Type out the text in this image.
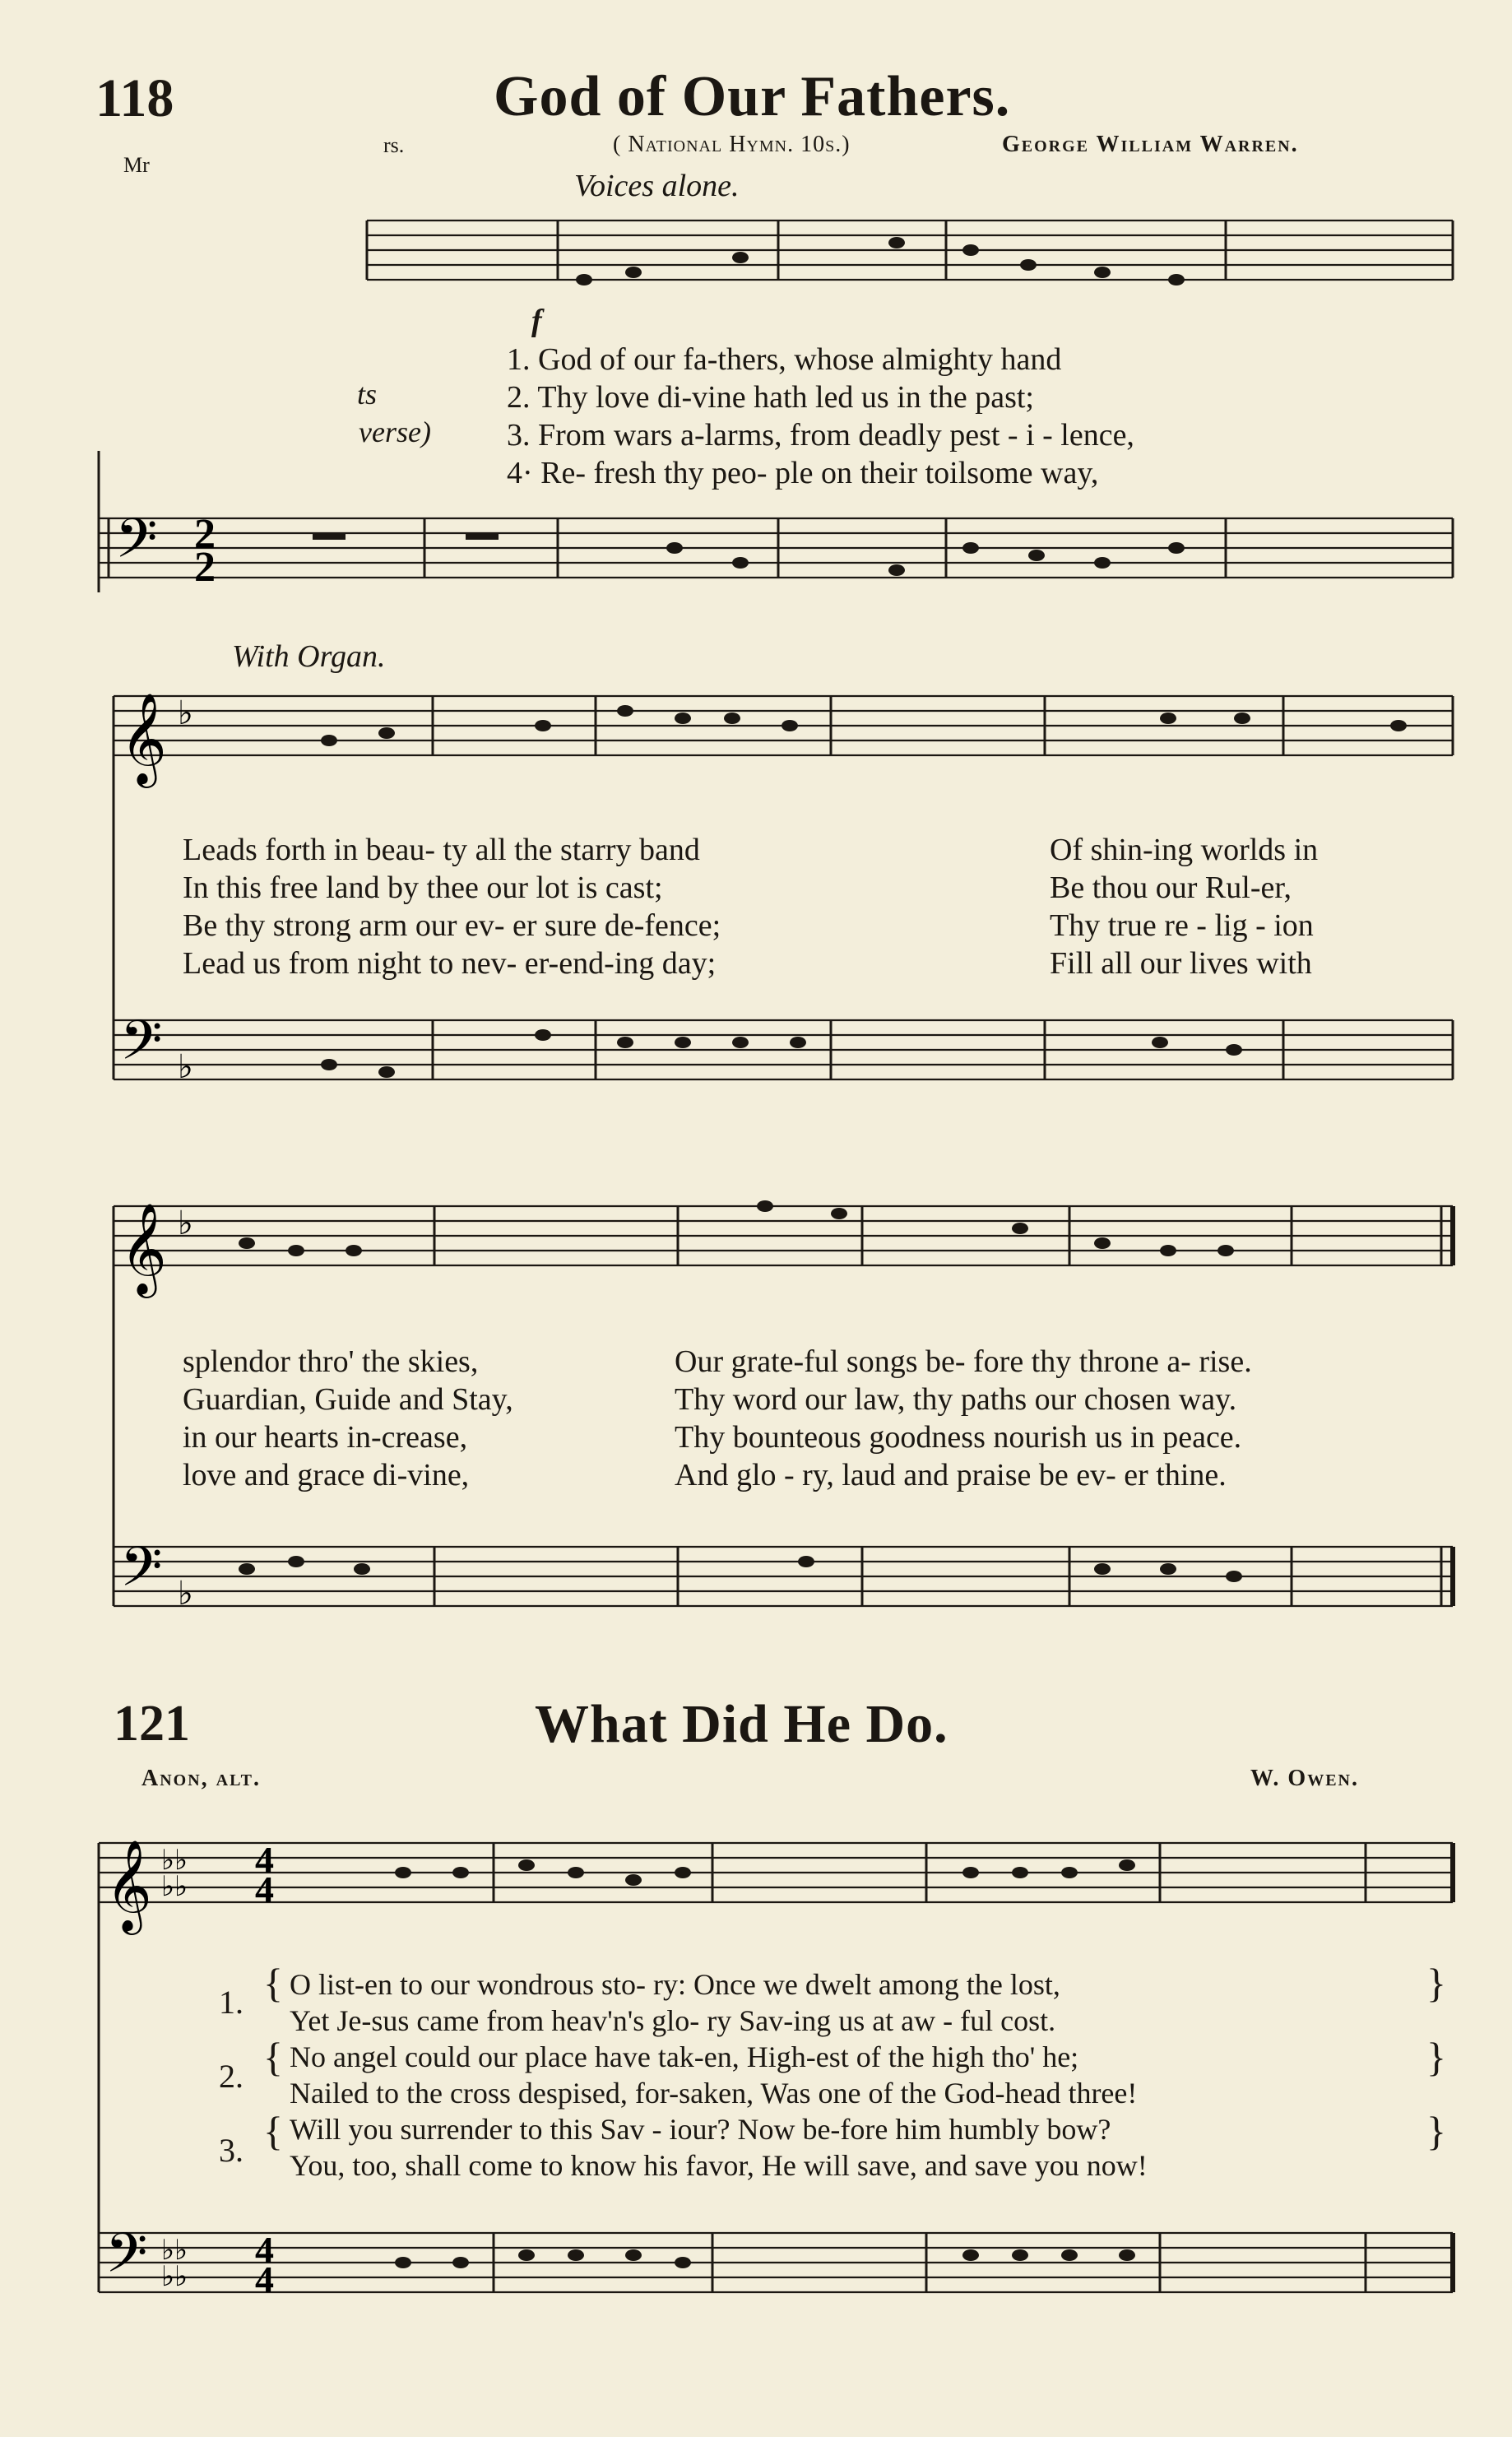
118	God of Our Fathers.
Mr
rs.	( National Hymn. 10s.)	George William Warren.
Voices alone.
𝄢 2
2
𝄞 ♭
𝄢 ♭
𝄞 ♭
𝄢 ♭
𝄞 ♭♭
♭♭
4
4
𝄢 ♭♭
♭♭
4
4
f
ts
verse)
1. God of our fa-thers, whose almighty hand
2. Thy love di-vine hath led us in the past;
3. From wars a-larms, from deadly pest - i - lence,
4· Re- fresh thy peo- ple on their toilsome way,
With Organ.
Leads forth in beau- ty all the starry band
In this free land by thee our lot is cast;
Be thy strong arm our ev- er sure de-fence;
Lead us from night to nev- er-end-ing day;
Of shin-ing worlds in
Be thou our Rul-er,
Thy true re - lig - ion
Fill all our lives with
splendor thro' the skies,
Guardian, Guide and Stay,
in our hearts in-crease,
love and grace di-vine,
Our grate-ful songs be- fore thy throne a- rise.
Thy word our law, thy paths our chosen way.
Thy bounteous goodness nourish us in peace.
And glo - ry, laud and praise be ev- er thine.
121	What Did He Do.
Anon, alt.	W. Owen.
1.
2.
3.
{
{
{
}
}
}
O list-en to our wondrous sto- ry: Once we dwelt among the lost,
Yet Je-sus came from heav'n's glo- ry Sav-ing us at aw - ful cost.
No angel could our place have tak-en, High-est of the high tho' he;
Nailed to the cross despised, for-saken, Was one of the God-head three!
Will you surrender to this Sav - iour? Now be-fore him humbly bow?
You, too, shall come to know his favor, He will save, and save you now!
